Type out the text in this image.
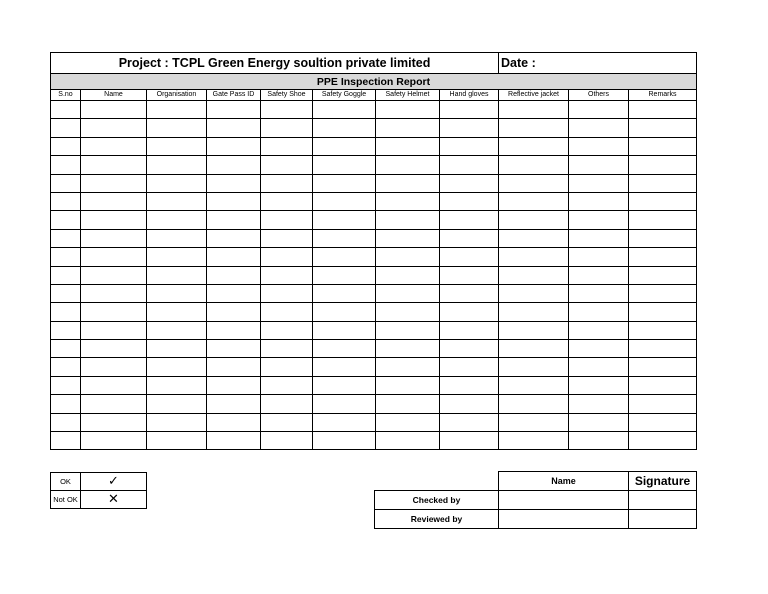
Project : TCPL Green Energy soultion private limited								Date :		
PPE Inspection Report										
S.no	Name	Organisation	Gate Pass ID	Safety Shoe	Safety Goggle	Safety Helmet	Hand gloves	Reflective jacket	Others	Remarks

OK	✓
Not OK	✕
	Name	Signature
Checked by		
Reviewed by		
